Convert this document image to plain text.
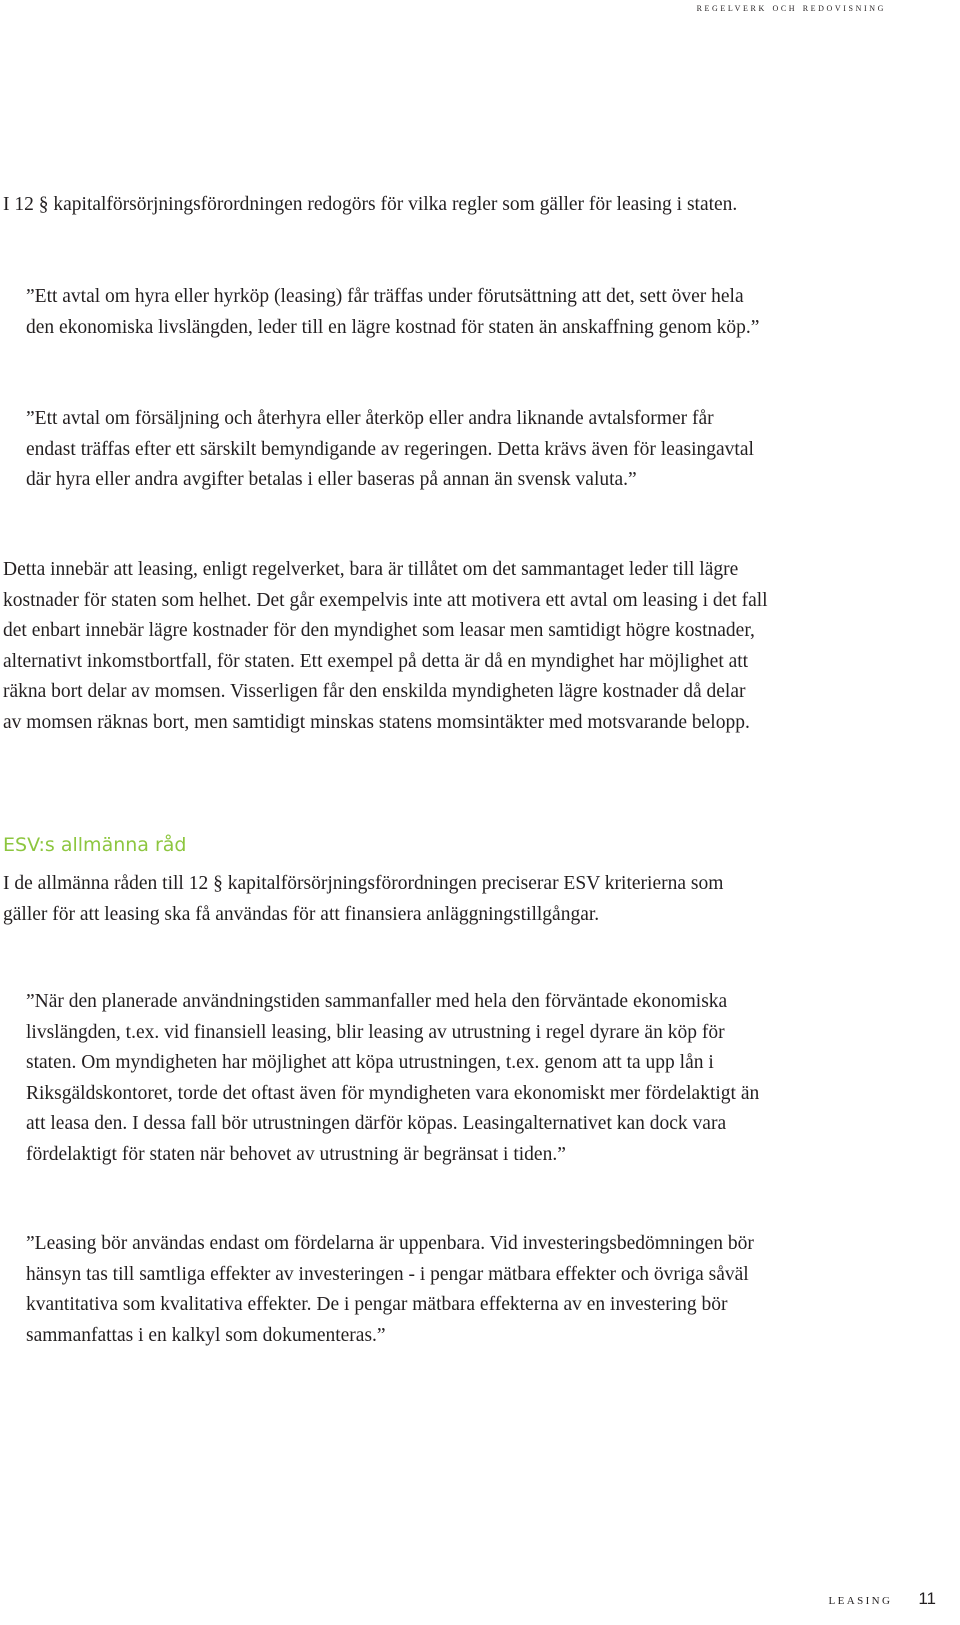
regelverk och redovisning

I 12 § kapitalförsörjningsförordningen redogörs för vilka regler som gäller för leasing i staten.

”Ett avtal om hyra eller hyrköp (leasing) får träffas under förutsättning att det, sett över hela den ekonomiska livslängden, leder till en lägre kostnad för staten än anskaffning genom köp.”

”Ett avtal om försäljning och återhyra eller återköp eller andra liknande avtalsformer får endast träffas efter ett särskilt bemyndigande av regeringen. Detta krävs även för leasingavtal där hyra eller andra avgifter betalas i eller baseras på annan än svensk valuta.”

Detta innebär att leasing, enligt regelverket, bara är tillåtet om det sammantaget leder till lägre kostnader för staten som helhet. Det går exempelvis inte att motivera ett avtal om leasing i det fall det enbart innebär lägre kostnader för den myndighet som leasar men samtidigt högre kostnader, alternativt inkomstbortfall, för staten. Ett exempel på detta är då en myndighet har möjlighet att räkna bort delar av momsen. Visserligen får den enskilda myndigheten lägre kostnader då delar av momsen räknas bort, men samtidigt minskas statens momsintäkter med motsvarande belopp.

ESV:s allmänna råd

I de allmänna råden till 12 § kapitalförsörjningsförordningen preciserar ESV kriterierna som gäller för att leasing ska få användas för att finansiera anläggningstillgångar.

”När den planerade användningstiden sammanfaller med hela den förväntade ekonomiska livslängden, t.ex. vid finansiell leasing, blir leasing av utrustning i regel dyrare än köp för staten. Om myndigheten har möjlighet att köpa utrustningen, t.ex. genom att ta upp lån i Riksgäldskontoret, torde det oftast även för myndigheten vara ekonomiskt mer fördelaktigt än att leasa den. I dessa fall bör utrustningen därför köpas. Leasingalternativet kan dock vara fördelaktigt för staten när behovet av utrustning är begränsat i tiden.”

”Leasing bör användas endast om fördelarna är uppenbara. Vid investeringsbedömningen bör hänsyn tas till samtliga effekter av investeringen - i pengar mätbara effekter och övriga såväl kvantitativa som kvalitativa effekter. De i pengar mätbara effekterna av en investering bör sammanfattas i en kalkyl som dokumenteras.”

leasing 11
